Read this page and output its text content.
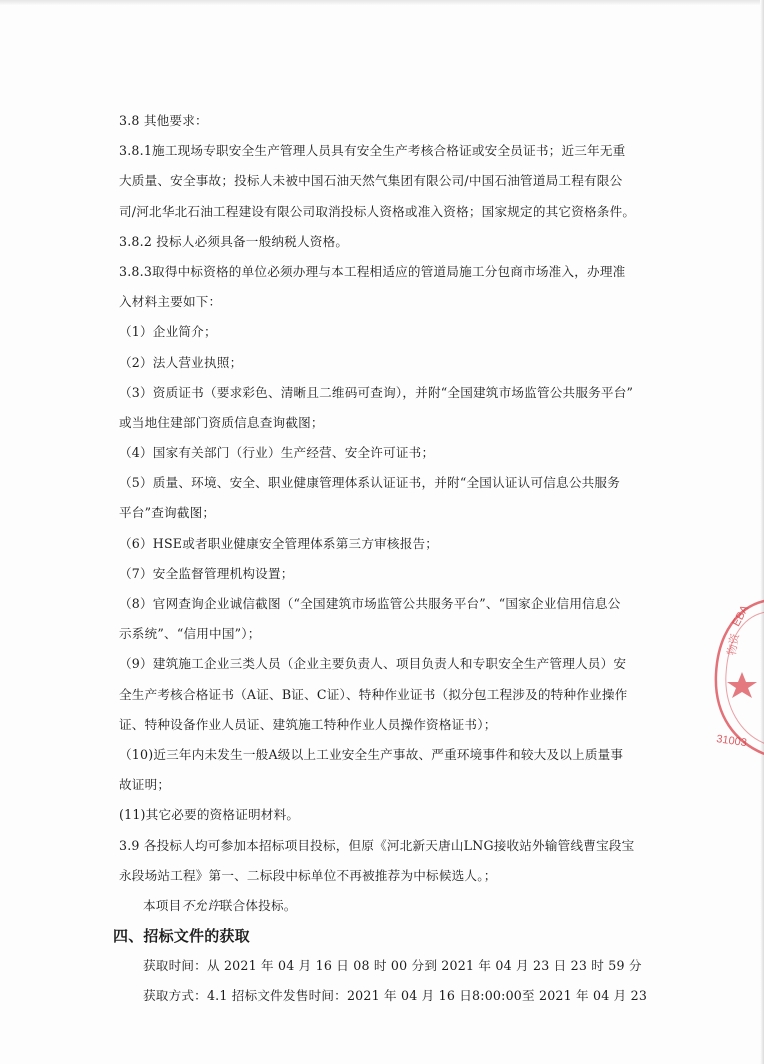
3.8 其他要求：
3.8.1施工现场专职安全生产管理人员具有安全生产考核合格证或安全员证书；近三年无重
大质量、安全事故；投标人未被中国石油天然气集团有限公司/中国石油管道局工程有限公
司/河北华北石油工程建设有限公司取消投标人资格或准入资格；国家规定的其它资格条件。
3.8.2 投标人必须具备一般纳税人资格。
3.8.3取得中标资格的单位必须办理与本工程相适应的管道局施工分包商市场准入，办理准
入材料主要如下：
（1）企业简介；
（2）法人营业执照；
（3）资质证书（要求彩色、清晰且二维码可查询），并附“全国建筑市场监管公共服务平台”
或当地住建部门资质信息查询截图；
（4）国家有关部门（行业）生产经营、安全许可证书；
（5）质量、环境、安全、职业健康管理体系认证证书，并附“全国认证认可信息公共服务
平台”查询截图；
（6）HSE或者职业健康安全管理体系第三方审核报告；
（7）安全监督管理机构设置；
（8）官网查询企业诚信截图（“全国建筑市场监管公共服务平台”、“国家企业信用信息公
示系统”、“信用中国”）；
（9）建筑施工企业三类人员（企业主要负责人、项目负责人和专职安全生产管理人员）安
全生产考核合格证书（A证、B证、C证）、特种作业证书（拟分包工程涉及的特种作业操作
证、特种设备作业人员证、建筑施工特种作业人员操作资格证书）；
（10)近三年内未发生一般A级以上工业安全生产事故、严重环境事件和较大及以上质量事
故证明；
(11)其它必要的资格证明材料。
3.9 各投标人均可参加本招标项目投标，但原《河北新天唐山LNG接收站外输管线曹宝段宝
永段场站工程》第一、二标段中标单位不再被推荐为中标候选人。；
本项目不允许联合体投标。
四、招标文件的获取
获取时间：从 2021 年 04 月 16 日 08 时 00 分到 2021 年 04 月 23 日 23 时 59 分
获取方式：4.1 招标文件发售时间：2021 年 04 月 16 日8:00:00至 2021 年 04 月 23
EBA
物资
31003
